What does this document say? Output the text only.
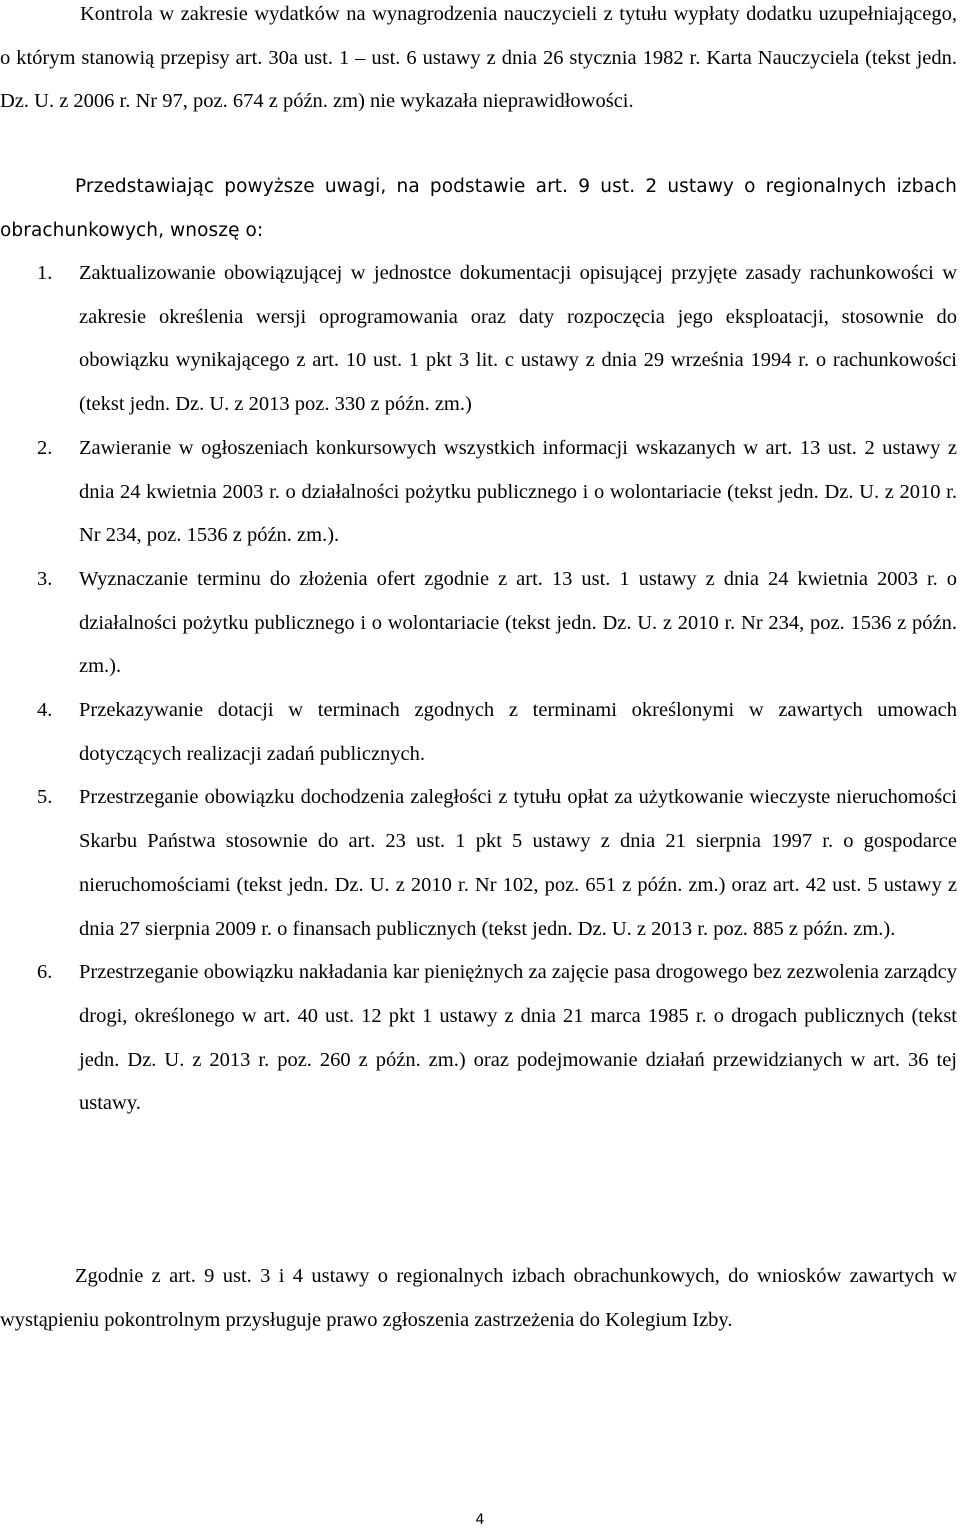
Kontrola w zakresie wydatków na wynagrodzenia nauczycieli z tytułu wypłaty dodatku uzupełniającego, o którym stanowią przepisy art. 30a ust. 1 – ust. 6 ustawy z dnia 26 stycznia 1982 r. Karta Nauczyciela (tekst jedn. Dz. U. z 2006 r. Nr 97, poz. 674 z późn. zm) nie wykazała nieprawidłowości.

Przedstawiając powyższe uwagi, na podstawie art. 9 ust. 2 ustawy o regionalnych izbach obrachunkowych, wnoszę o:

1. Zaktualizowanie obowiązującej w jednostce dokumentacji opisującej przyjęte zasady rachunkowości w zakresie określenia wersji oprogramowania oraz daty rozpoczęcia jego eksploatacji, stosownie do obowiązku wynikającego z art. 10 ust. 1 pkt 3 lit. c ustawy z dnia 29 września 1994 r. o rachunkowości (tekst jedn. Dz. U. z 2013 poz. 330 z późn. zm.)
2. Zawieranie w ogłoszeniach konkursowych wszystkich informacji wskazanych w art. 13 ust. 2 ustawy z dnia 24 kwietnia 2003 r. o działalności pożytku publicznego i o wolontariacie (tekst jedn. Dz. U. z 2010 r. Nr 234, poz. 1536 z późn. zm.).
3. Wyznaczanie terminu do złożenia ofert zgodnie z art. 13 ust. 1 ustawy z dnia 24 kwietnia 2003 r. o działalności pożytku publicznego i o wolontariacie (tekst jedn. Dz. U. z 2010 r. Nr 234, poz. 1536 z późn. zm.).
4. Przekazywanie dotacji w terminach zgodnych z terminami określonymi w zawartych umowach dotyczących realizacji zadań publicznych.
5. Przestrzeganie obowiązku dochodzenia zaległości z tytułu opłat za użytkowanie wieczyste nieruchomości Skarbu Państwa stosownie do art. 23 ust. 1 pkt 5 ustawy z dnia 21 sierpnia 1997 r. o gospodarce nieruchomościami (tekst jedn. Dz. U. z 2010 r. Nr 102, poz. 651 z późn. zm.) oraz art. 42 ust. 5 ustawy z dnia 27 sierpnia 2009 r. o finansach publicznych (tekst jedn. Dz. U. z 2013 r. poz. 885 z późn. zm.).
6. Przestrzeganie obowiązku nakładania kar pieniężnych za zajęcie pasa drogowego bez zezwolenia zarządcy drogi, określonego w art. 40 ust. 12 pkt 1 ustawy z dnia 21 marca 1985 r. o drogach publicznych (tekst jedn. Dz. U. z 2013 r. poz. 260 z późn. zm.) oraz podejmowanie działań przewidzianych w art. 36 tej ustawy.

Zgodnie z art. 9 ust. 3 i 4 ustawy o regionalnych izbach obrachunkowych, do wniosków zawartych w wystąpieniu pokontrolnym przysługuje prawo zgłoszenia zastrzeżenia do Kolegium Izby.

4
